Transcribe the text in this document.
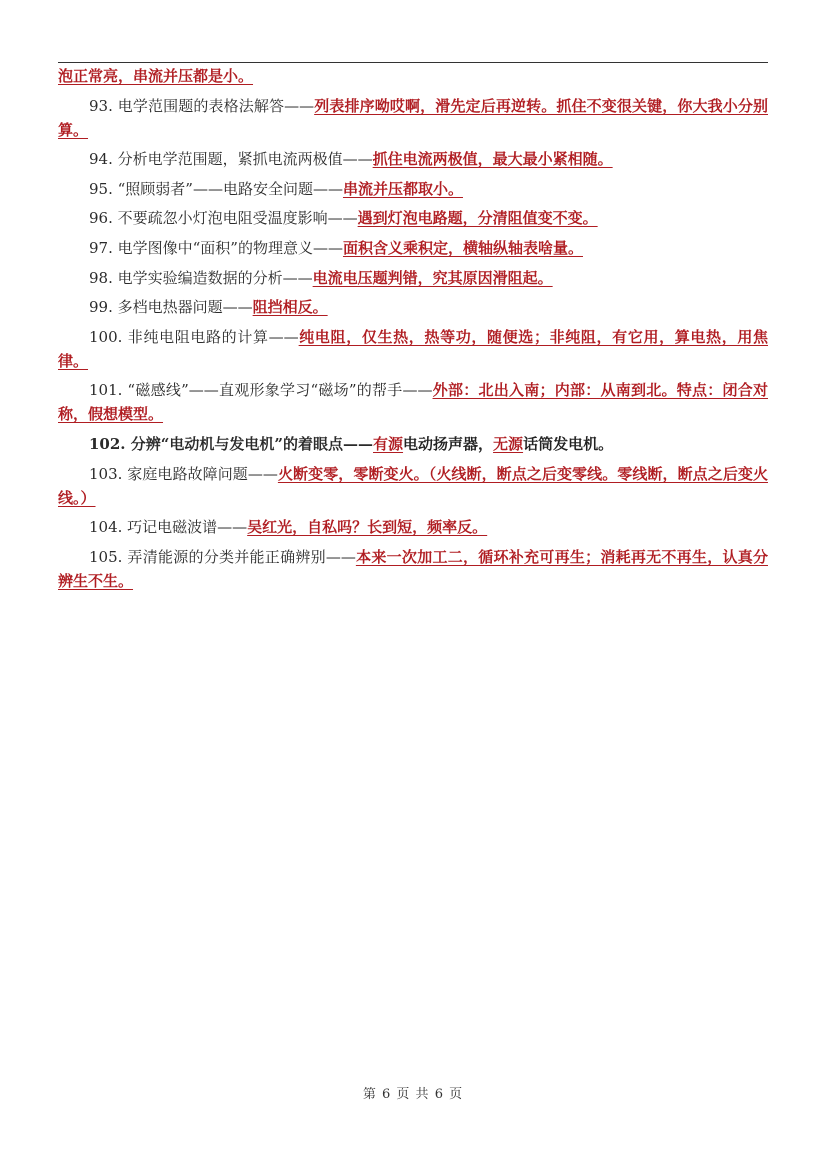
泡正常亮，串流并压都是小。

93. 电学范围题的表格法解答——列表排序呦哎啊，滑先定后再逆转。抓住不变很关键，你大我小分别算。

94. 分析电学范围题，紧抓电流两极值——抓住电流两极值，最大最小紧相随。

95. “照顾弱者”——电路安全问题——串流并压都取小。

96. 不要疏忽小灯泡电阻受温度影响——遇到灯泡电路题，分清阻值变不变。

97. 电学图像中“面积”的物理意义——面积含义乘积定，横轴纵轴表啥量。

98. 电学实验编造数据的分析——电流电压题判错，究其原因滑阻起。

99. 多档电热器问题——阻挡相反。

100. 非纯电阻电路的计算——纯电阻，仅生热，热等功，随便选；非纯阻，有它用，算电热，用焦律。

101. “磁感线”——直观形象学习“磁场”的帮手——外部：北出入南；内部：从南到北。特点：闭合对称，假想模型。

102. 分辨“电动机与发电机”的着眼点——有源电动扬声器，无源话筒发电机。

103. 家庭电路故障问题——火断变零，零断变火。（火线断，断点之后变零线。零线断，断点之后变火线。）

104. 巧记电磁波谱——吴红光，自私吗？长到短，频率反。

105. 弄清能源的分类并能正确辨别——本来一次加工二，循环补充可再生；消耗再无不再生，认真分辨生不生。

第 6 页 共 6 页
